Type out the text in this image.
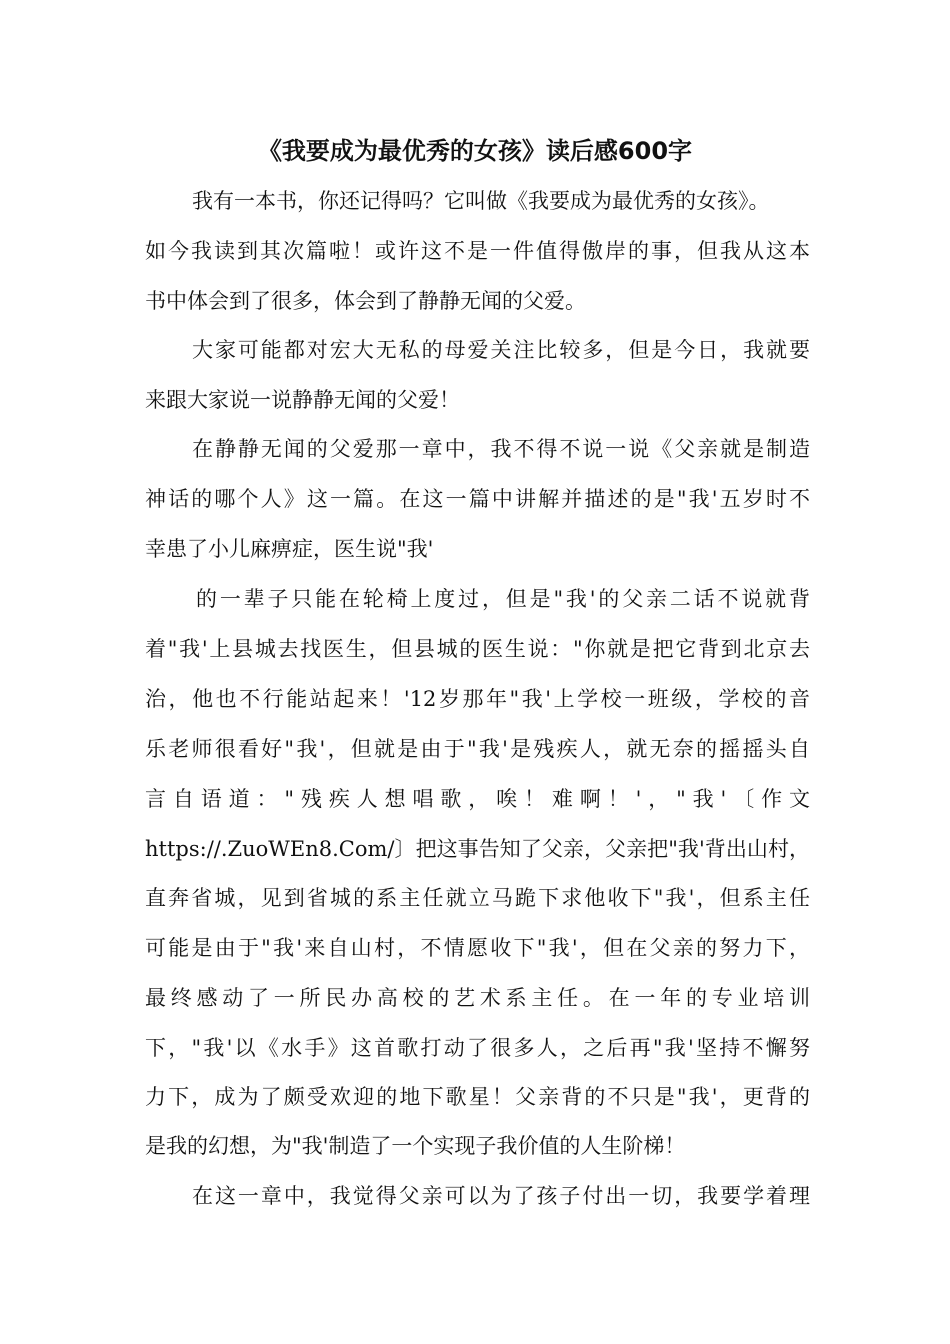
《我要成为最优秀的女孩》读后感600字
我有一本书，你还记得吗？它叫做《我要成为最优秀的女孩》。
如今我读到其次篇啦！或许这不是一件值得傲岸的事，但我从这本
书中体会到了很多，体会到了静静无闻的父爱。
大家可能都对宏大无私的母爱关注比较多，但是今日，我就要
来跟大家说一说静静无闻的父爱！
在静静无闻的父爱那一章中，我不得不说一说《父亲就是制造
神话的哪个人》这一篇。在这一篇中讲解并描述的是"我'五岁时不
幸患了小儿麻痹症，医生说"我'
的一辈子只能在轮椅上度过，但是"我'的父亲二话不说就背
着"我'上县城去找医生，但县城的医生说："你就是把它背到北京去
治，他也不行能站起来！'12岁那年"我'上学校一班级，学校的音
乐老师很看好"我'，但就是由于"我'是残疾人，就无奈的摇摇头自
言自语道："残疾人想唱歌，唉！难啊！'，"我'〔作文
https://.ZuoWEn8.Com/〕把这事告知了父亲，父亲把"我'背出山村，
直奔省城，见到省城的系主任就立马跪下求他收下"我'，但系主任
可能是由于"我'来自山村，不情愿收下"我'，但在父亲的努力下，
最终感动了一所民办高校的艺术系主任。在一年的专业培训
下，"我'以《水手》这首歌打动了很多人，之后再"我'坚持不懈努
力下，成为了颇受欢迎的地下歌星！父亲背的不只是"我'，更背的
是我的幻想，为"我'制造了一个实现子我价值的人生阶梯！
在这一章中，我觉得父亲可以为了孩子付出一切，我要学着理
